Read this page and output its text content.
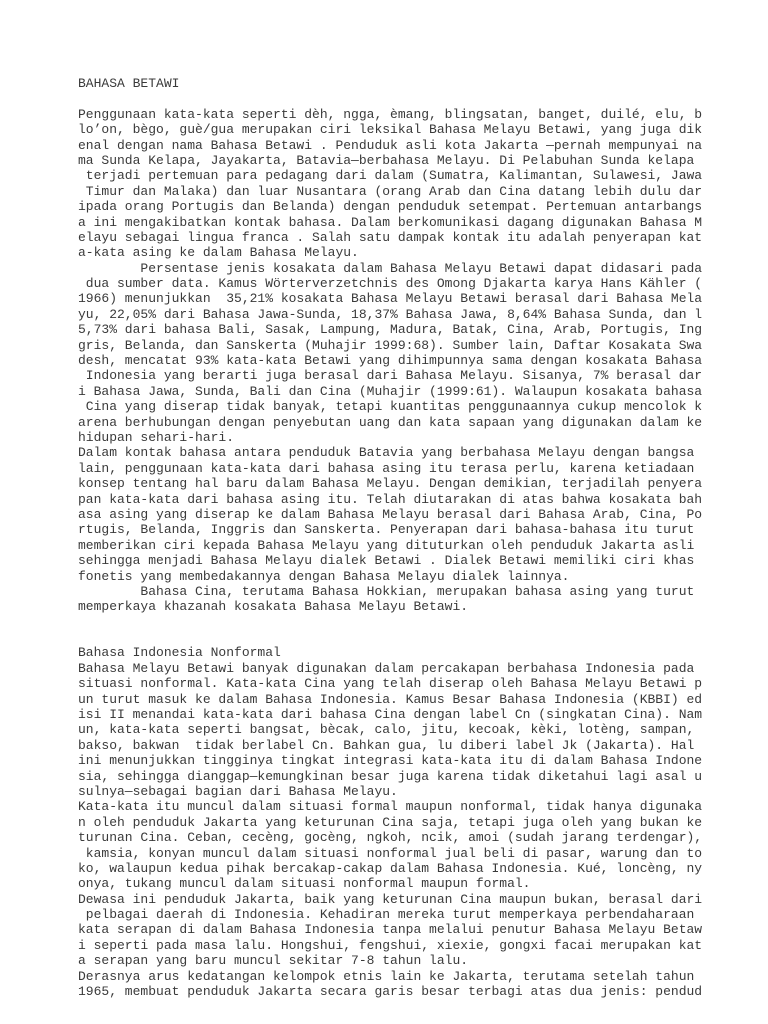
BAHASA BETAWI
Penggunaan kata-kata seperti dèh, ngga, èmang, blingsatan, banget, duilé, elu, b
lo’on, bègo, guè/gua merupakan ciri leksikal Bahasa Melayu Betawi, yang juga dik
enal dengan nama Bahasa Betawi . Penduduk asli kota Jakarta —pernah mempunyai na
ma Sunda Kelapa, Jayakarta, Batavia—berbahasa Melayu. Di Pelabuhan Sunda kelapa
terjadi pertemuan para pedagang dari dalam (Sumatra, Kalimantan, Sulawesi, Jawa
Timur dan Malaka) dan luar Nusantara (orang Arab dan Cina datang lebih dulu dar
ipada orang Portugis dan Belanda) dengan penduduk setempat. Pertemuan antarbangs
a ini mengakibatkan kontak bahasa. Dalam berkomunikasi dagang digunakan Bahasa M
elayu sebagai lingua franca . Salah satu dampak kontak itu adalah penyerapan kat
a-kata asing ke dalam Bahasa Melayu.
Persentase jenis kosakata dalam Bahasa Melayu Betawi dapat didasari pada
dua sumber data. Kamus Wörterverzetchnis des Omong Djakarta karya Hans Kähler (
1966) menunjukkan  35,21% kosakata Bahasa Melayu Betawi berasal dari Bahasa Mela
yu, 22,05% dari Bahasa Jawa-Sunda, 18,37% Bahasa Jawa, 8,64% Bahasa Sunda, dan l
5,73% dari bahasa Bali, Sasak, Lampung, Madura, Batak, Cina, Arab, Portugis, Ing
gris, Belanda, dan Sanskerta (Muhajir 1999:68). Sumber lain, Daftar Kosakata Swa
desh, mencatat 93% kata-kata Betawi yang dihimpunnya sama dengan kosakata Bahasa
Indonesia yang berarti juga berasal dari Bahasa Melayu. Sisanya, 7% berasal dar
i Bahasa Jawa, Sunda, Bali dan Cina (Muhajir (1999:61). Walaupun kosakata bahasa
Cina yang diserap tidak banyak, tetapi kuantitas penggunaannya cukup mencolok k
arena berhubungan dengan penyebutan uang dan kata sapaan yang digunakan dalam ke
hidupan sehari-hari.
Dalam kontak bahasa antara penduduk Batavia yang berbahasa Melayu dengan bangsa
lain, penggunaan kata-kata dari bahasa asing itu terasa perlu, karena ketiadaan
konsep tentang hal baru dalam Bahasa Melayu. Dengan demikian, terjadilah penyera
pan kata-kata dari bahasa asing itu. Telah diutarakan di atas bahwa kosakata bah
asa asing yang diserap ke dalam Bahasa Melayu berasal dari Bahasa Arab, Cina, Po
rtugis, Belanda, Inggris dan Sanskerta. Penyerapan dari bahasa-bahasa itu turut
memberikan ciri kepada Bahasa Melayu yang dituturkan oleh penduduk Jakarta asli
sehingga menjadi Bahasa Melayu dialek Betawi . Dialek Betawi memiliki ciri khas
fonetis yang membedakannya dengan Bahasa Melayu dialek lainnya.
Bahasa Cina, terutama Bahasa Hokkian, merupakan bahasa asing yang turut
memperkaya khazanah kosakata Bahasa Melayu Betawi.
Bahasa Indonesia Nonformal
Bahasa Melayu Betawi banyak digunakan dalam percakapan berbahasa Indonesia pada
situasi nonformal. Kata-kata Cina yang telah diserap oleh Bahasa Melayu Betawi p
un turut masuk ke dalam Bahasa Indonesia. Kamus Besar Bahasa Indonesia (KBBI) ed
isi II menandai kata-kata dari bahasa Cina dengan label Cn (singkatan Cina). Nam
un, kata-kata seperti bangsat, bècak, calo, jitu, kecoak, kèki, lotèng, sampan,
bakso, bakwan  tidak berlabel Cn. Bahkan gua, lu diberi label Jk (Jakarta). Hal
ini menunjukkan tingginya tingkat integrasi kata-kata itu di dalam Bahasa Indone
sia, sehingga dianggap—kemungkinan besar juga karena tidak diketahui lagi asal u
sulnya—sebagai bagian dari Bahasa Melayu.
Kata-kata itu muncul dalam situasi formal maupun nonformal, tidak hanya digunaka
n oleh penduduk Jakarta yang keturunan Cina saja, tetapi juga oleh yang bukan ke
turunan Cina. Ceban, cecèng, gocèng, ngkoh, ncik, amoi (sudah jarang terdengar),
kamsia, konyan muncul dalam situasi nonformal jual beli di pasar, warung dan to
ko, walaupun kedua pihak bercakap-cakap dalam Bahasa Indonesia. Kué, loncèng, ny
onya, tukang muncul dalam situasi nonformal maupun formal.
Dewasa ini penduduk Jakarta, baik yang keturunan Cina maupun bukan, berasal dari
pelbagai daerah di Indonesia. Kehadiran mereka turut memperkaya perbendaharaan
kata serapan di dalam Bahasa Indonesia tanpa melalui penutur Bahasa Melayu Betaw
i seperti pada masa lalu. Hongshui, fengshui, xiexie, gongxi facai merupakan kat
a serapan yang baru muncul sekitar 7-8 tahun lalu.
Derasnya arus kedatangan kelompok etnis lain ke Jakarta, terutama setelah tahun
1965, membuat penduduk Jakarta secara garis besar terbagi atas dua jenis: pendud
